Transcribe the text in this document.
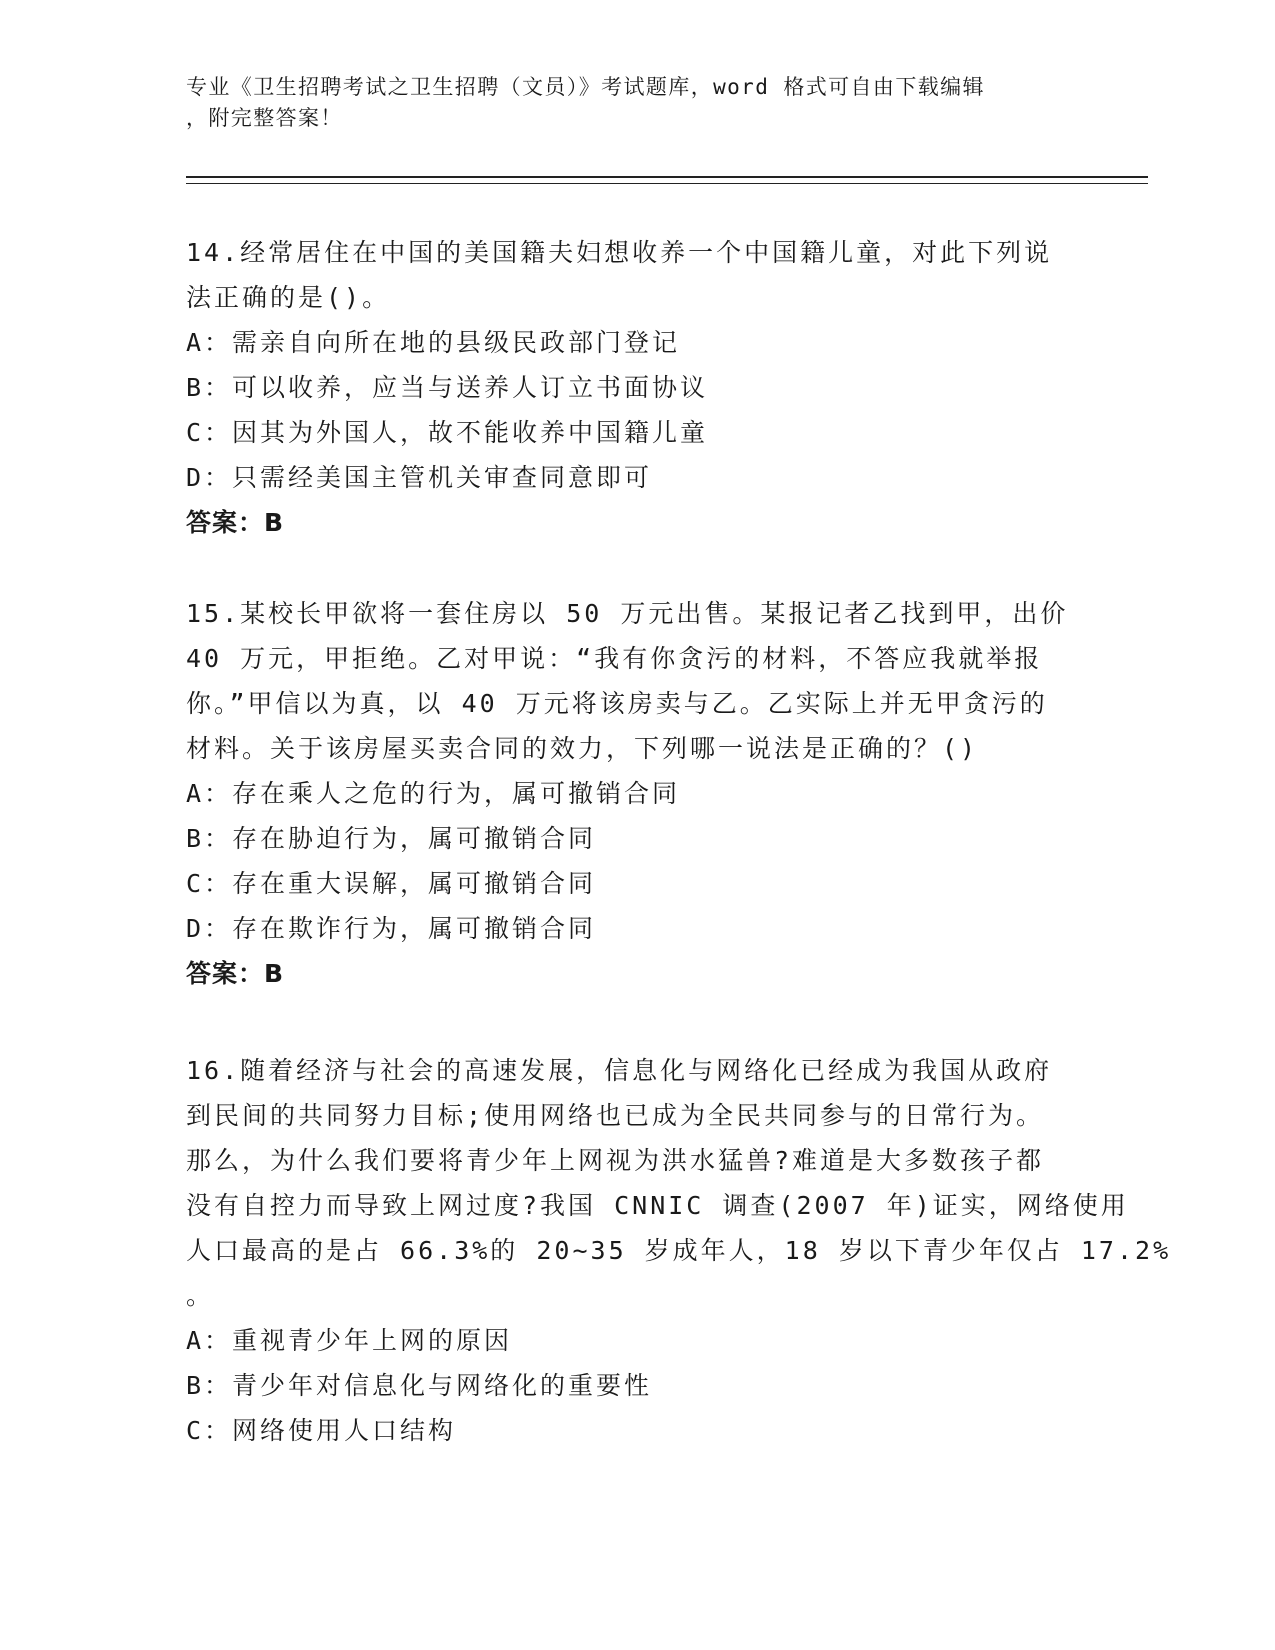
专业《卫生招聘考试之卫生招聘（文员）》考试题库，word 格式可自由下载编辑
，附完整答案！
14.经常居住在中国的美国籍夫妇想收养一个中国籍儿童，对此下列说
法正确的是()。
A：需亲自向所在地的县级民政部门登记
B：可以收养，应当与送养人订立书面协议
C：因其为外国人，故不能收养中国籍儿童
D：只需经美国主管机关审查同意即可
答案：B
15.某校长甲欲将一套住房以 50 万元出售。某报记者乙找到甲，出价
40 万元，甲拒绝。乙对甲说：“我有你贪污的材料，不答应我就举报
你。”甲信以为真，以 40 万元将该房卖与乙。乙实际上并无甲贪污的
材料。关于该房屋买卖合同的效力，下列哪一说法是正确的？()
A：存在乘人之危的行为，属可撤销合同
B：存在胁迫行为，属可撤销合同
C：存在重大误解，属可撤销合同
D：存在欺诈行为，属可撤销合同
答案：B
16.随着经济与社会的高速发展，信息化与网络化已经成为我国从政府
到民间的共同努力目标;使用网络也已成为全民共同参与的日常行为。
那么，为什么我们要将青少年上网视为洪水猛兽?难道是大多数孩子都
没有自控力而导致上网过度?我国 CNNIC 调查(2007 年)证实，网络使用
人口最高的是占 66.3%的 20~35 岁成年人，18 岁以下青少年仅占 17.2%
。
A：重视青少年上网的原因
B：青少年对信息化与网络化的重要性
C：网络使用人口结构
